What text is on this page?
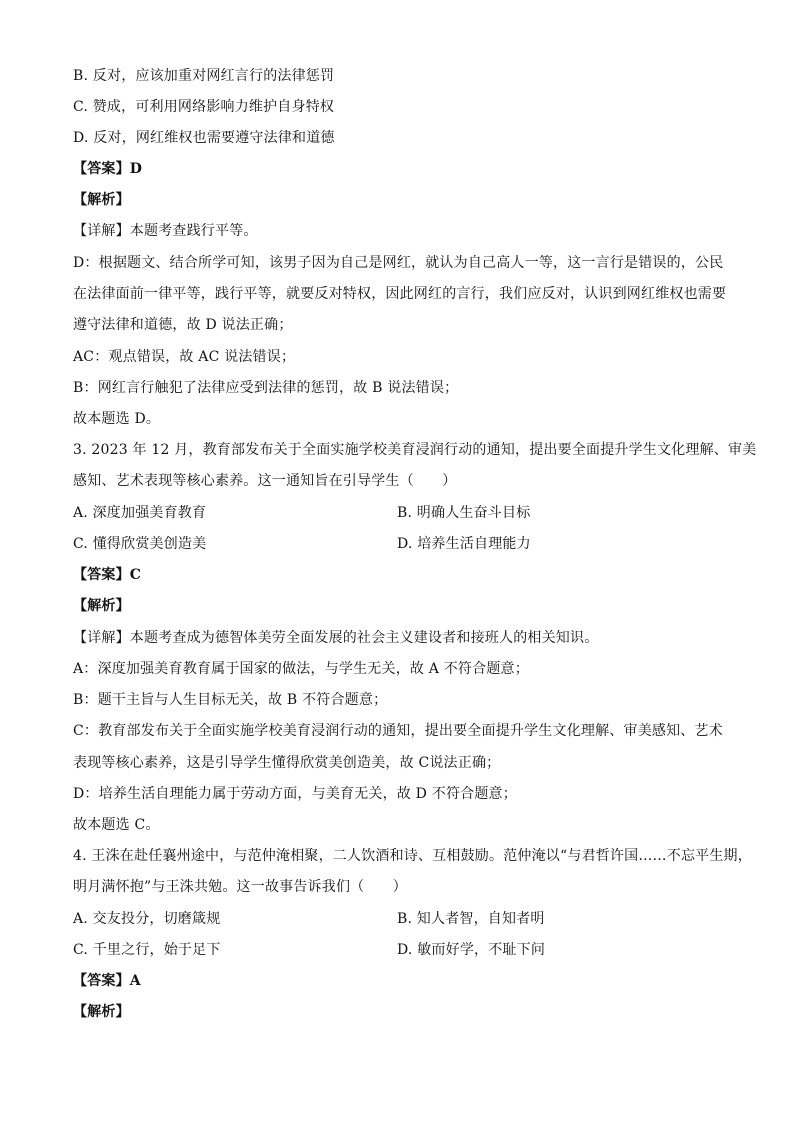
B. 反对，应该加重对网红言行的法律惩罚
C. 赞成，可利用网络影响力维护自身特权
D. 反对，网红维权也需要遵守法律和道德
【答案】D
【解析】
【详解】本题考查践行平等。
D：根据题文、结合所学可知，该男子因为自己是网红，就认为自己高人一等，这一言行是错误的，公民
在法律面前一律平等，践行平等，就要反对特权，因此网红的言行，我们应反对，认识到网红维权也需要
遵守法律和道德，故 D 说法正确；
AC：观点错误，故 AC 说法错误；
B：网红言行触犯了法律应受到法律的惩罚，故 B 说法错误；
故本题选 D。
3. 2023 年 12 月，教育部发布关于全面实施学校美育浸润行动的通知，提出要全面提升学生文化理解、审美
感知、艺术表现等核心素养。这一通知旨在引导学生（　　）
A. 深度加强美育教育	B. 明确人生奋斗目标
C. 懂得欣赏美创造美	D. 培养生活自理能力
【答案】C
【解析】
【详解】本题考查成为德智体美劳全面发展的社会主义建设者和接班人的相关知识。
A：深度加强美育教育属于国家的做法，与学生无关，故 A 不符合题意；
B：题干主旨与人生目标无关，故 B 不符合题意；
C：教育部发布关于全面实施学校美育浸润行动的通知，提出要全面提升学生文化理解、审美感知、艺术
表现等核心素养，这是引导学生懂得欣赏美创造美，故 C说法正确；
D：培养生活自理能力属于劳动方面，与美育无关，故 D 不符合题意；
故本题选 C。
4. 王洙在赴任襄州途中，与范仲淹相聚，二人饮酒和诗、互相鼓励。范仲淹以“与君哲许国……不忘平生期，
明月满怀抱”与王洙共勉。这一故事告诉我们（　　）
A. 交友投分，切磨箴规	B. 知人者智，自知者明
C. 千里之行，始于足下	D. 敏而好学，不耻下问
【答案】A
【解析】
